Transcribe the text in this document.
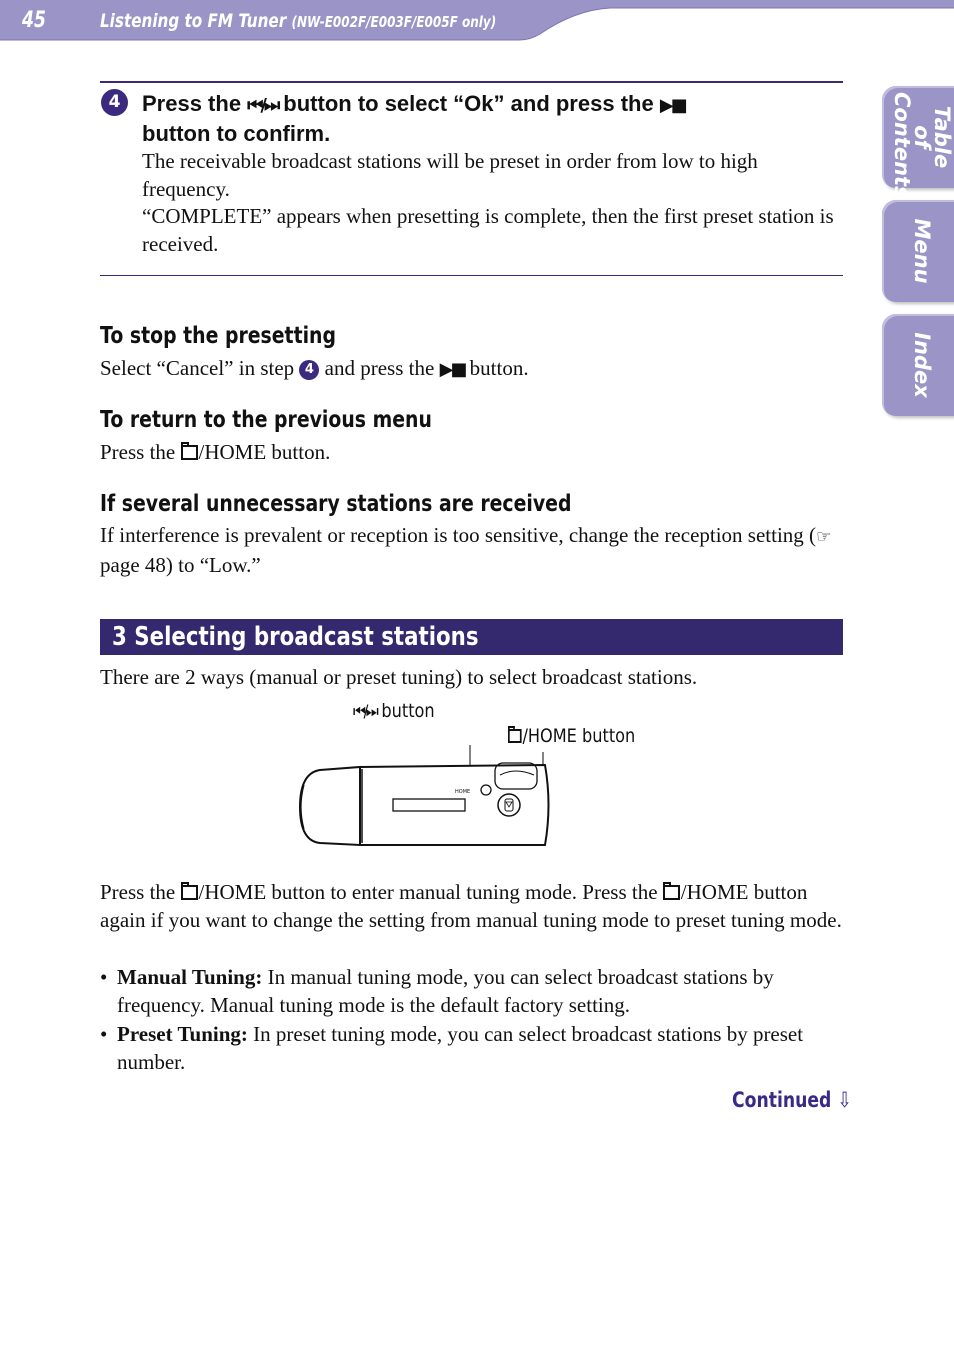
45	Listening to FM Tuner (NW-E002F/E003F/E005F only)
Table of Contents
Menu
Index
4 Press the ⏮/⏭ button to select “Ok” and press the ▶■
button to confirm.
The receivable broadcast stations will be preset in order from low to high frequency.
“COMPLETE” appears when presetting is complete, then the first preset station is received.
To stop the presetting
Select “Cancel” in step 4 and press the ▶■ button.
To return to the previous menu
Press the /HOME button.
If several unnecessary stations are received
If interference is prevalent or reception is too sensitive, change the reception setting (☞ page 48) to “Low.”
3 Selecting broadcast stations
There are 2 ways (manual or preset tuning) to select broadcast stations.
⏮/⏭ button
/HOME button
HOME
Press the /HOME button to enter manual tuning mode. Press the /HOME button again if you want to change the setting from manual tuning mode to preset tuning mode.
• Manual Tuning: In manual tuning mode, you can select broadcast stations by frequency. Manual tuning mode is the default factory setting.
• Preset Tuning: In preset tuning mode, you can select broadcast stations by preset number.
Continued ⇩
